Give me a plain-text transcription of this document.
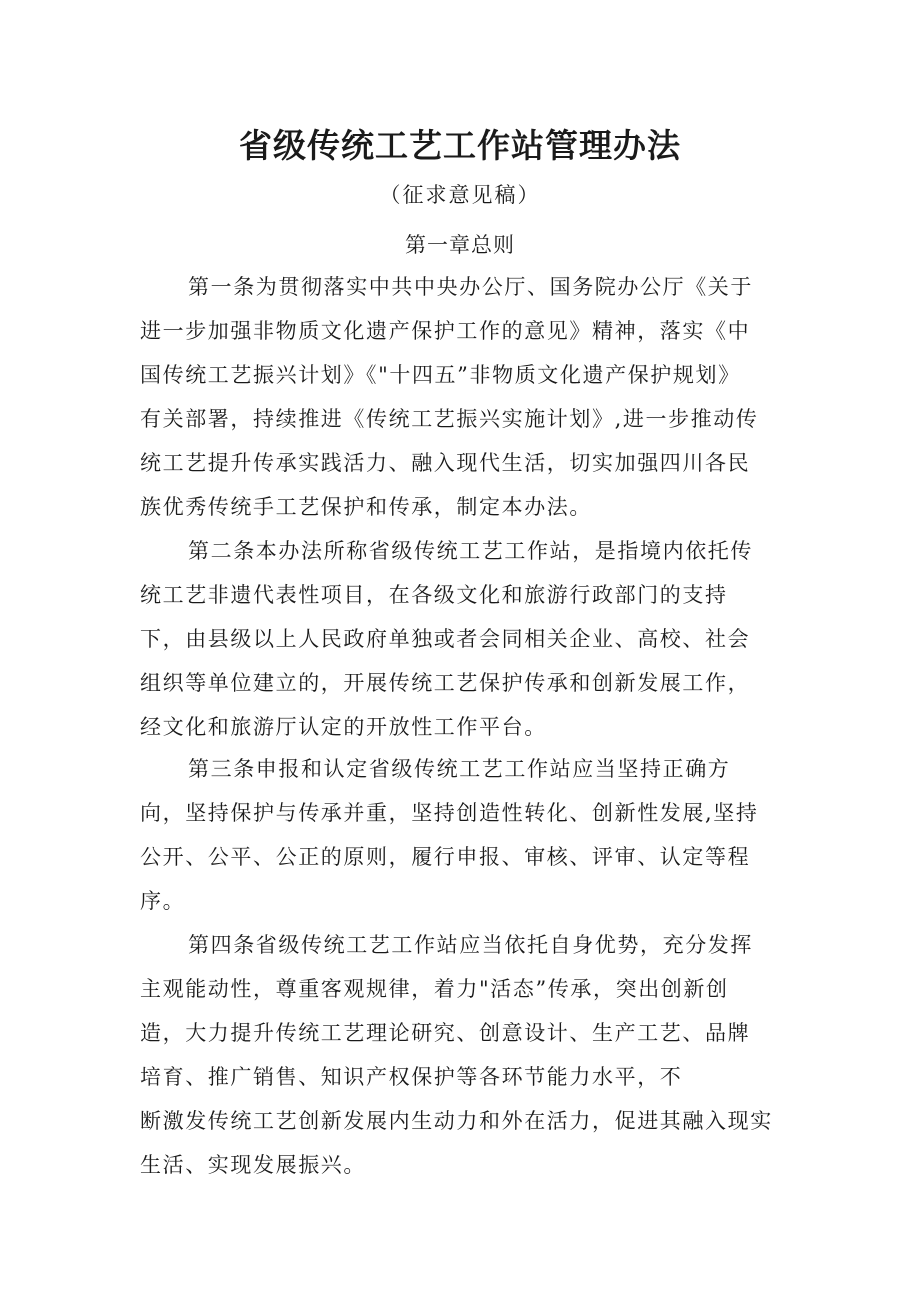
省级传统工艺工作站管理办法
（征求意见稿）
第一章总则
第一条为贯彻落实中共中央办公厅、国务院办公厅《关于
进一步加强非物质文化遗产保护工作的意见》精神，落实《中
国传统工艺振兴计划》《"十四五”非物质文化遗产保护规划》
有关部署，持续推进《传统工艺振兴实施计划》,进一步推动传
统工艺提升传承实践活力、融入现代生活，切实加强四川各民
族优秀传统手工艺保护和传承，制定本办法。
第二条本办法所称省级传统工艺工作站，是指境内依托传
统工艺非遗代表性项目，在各级文化和旅游行政部门的支持
下，由县级以上人民政府单独或者会同相关企业、高校、社会
组织等单位建立的，开展传统工艺保护传承和创新发展工作，
经文化和旅游厅认定的开放性工作平台。
第三条申报和认定省级传统工艺工作站应当坚持正确方
向，坚持保护与传承并重，坚持创造性转化、创新性发展,坚持
公开、公平、公正的原则，履行申报、审核、评审、认定等程
序。
第四条省级传统工艺工作站应当依托自身优势，充分发挥
主观能动性，尊重客观规律，着力"活态”传承，突出创新创
造，大力提升传统工艺理论研究、创意设计、生产工艺、品牌
培育、推广销售、知识产权保护等各环节能力水平，不
断激发传统工艺创新发展内生动力和外在活力，促进其融入现实
生活、实现发展振兴。
